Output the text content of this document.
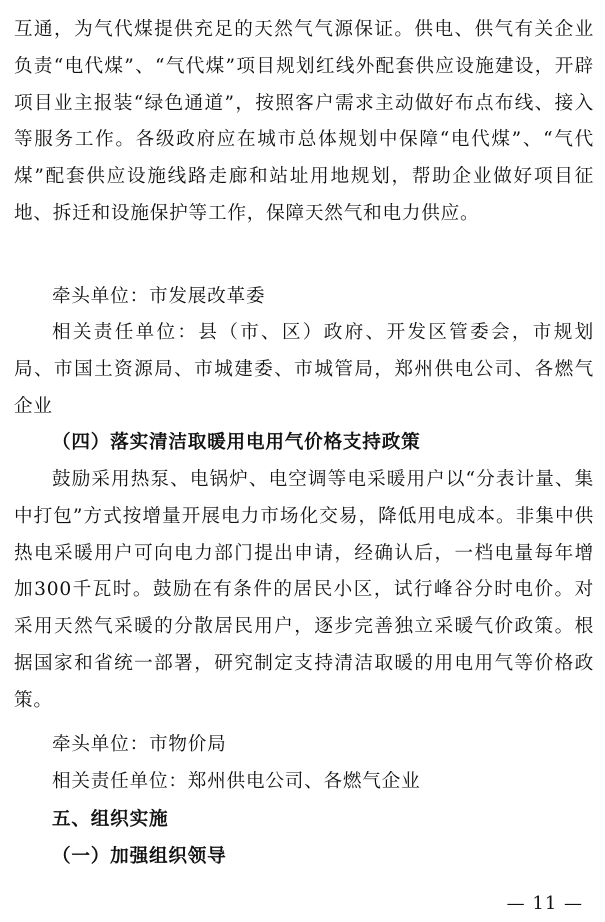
互通，为气代煤提供充足的天然气气源保证。供电、供气有关企业负责“电代煤”、“气代煤”项目规划红线外配套供应设施建设，开辟项目业主报装“绿色通道”，按照客户需求主动做好布点布线、接入等服务工作。各级政府应在城市总体规划中保障“电代煤”、“气代煤”配套供应设施线路走廊和站址用地规划，帮助企业做好项目征地、拆迁和设施保护等工作，保障天然气和电力供应。

牵头单位：市发展改革委

相关责任单位：县（市、区）政府、开发区管委会，市规划局、市国土资源局、市城建委、市城管局，郑州供电公司、各燃气企业

（四）落实清洁取暖用电用气价格支持政策

鼓励采用热泵、电锅炉、电空调等电采暖用户以“分表计量、集中打包”方式按增量开展电力市场化交易，降低用电成本。非集中供热电采暖用户可向电力部门提出申请，经确认后，一档电量每年增加300千瓦时。鼓励在有条件的居民小区，试行峰谷分时电价。对采用天然气采暖的分散居民用户，逐步完善独立采暖气价政策。根据国家和省统一部署，研究制定支持清洁取暖的用电用气等价格政策。

牵头单位：市物价局

相关责任单位：郑州供电公司、各燃气企业

五、组织实施

（一）加强组织领导

— 11 —
